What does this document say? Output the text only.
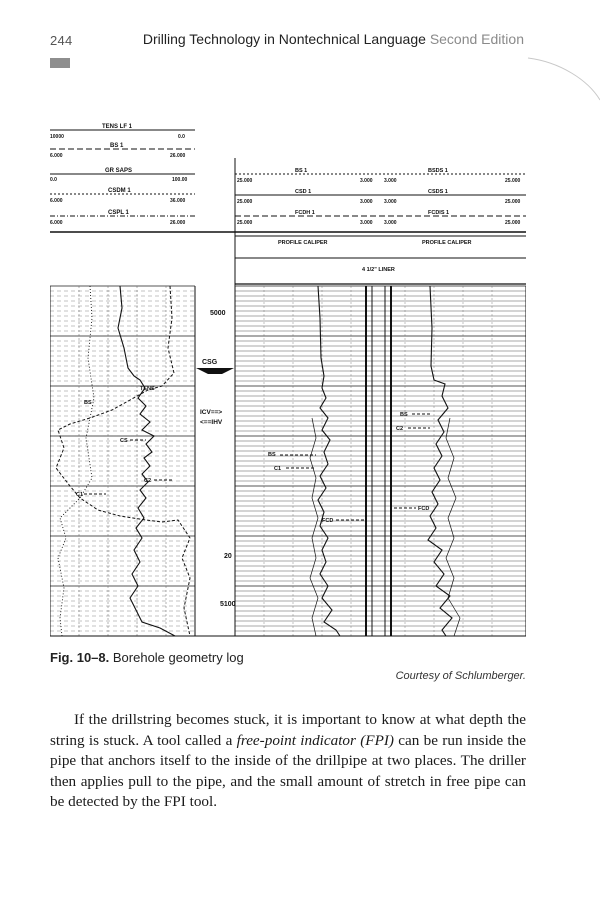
244	Drilling Technology in Nontechnical Language Second Edition
TENS LF 1
10000	0.0
BS 1
6.000	26.000
GR SAPS
0.0	100.00
CSDM 1
6.000	36.000
CSPL 1
6.000	26.000
BS 1	BSDS 1
25.000	3.000 3.000	25.000
CSD 1	CSDS 1
25.000	3.000 3.000	25.000
FCDH 1	FCDIS 1
25.000	3.000 3.000	25.000
PROFILE CALIPER	PROFILE CALIPER
4 1/2" LINER
5000
CSG
ICV==>
<==IHV
20
5100
TENS
BS
CS
C2
C1
BS
C2
BS
C1
FCD
FCD
Fig. 10–8. Borehole geometry log
Courtesy of Schlumberger.

If the drillstring becomes stuck, it is important to know at what depth the string is stuck. A tool called a free-point indicator (FPI) can be run inside the pipe that anchors itself to the inside of the drillpipe at two places. The driller then applies pull to the pipe, and the small amount of stretch in free pipe can be detected by the FPI tool.
